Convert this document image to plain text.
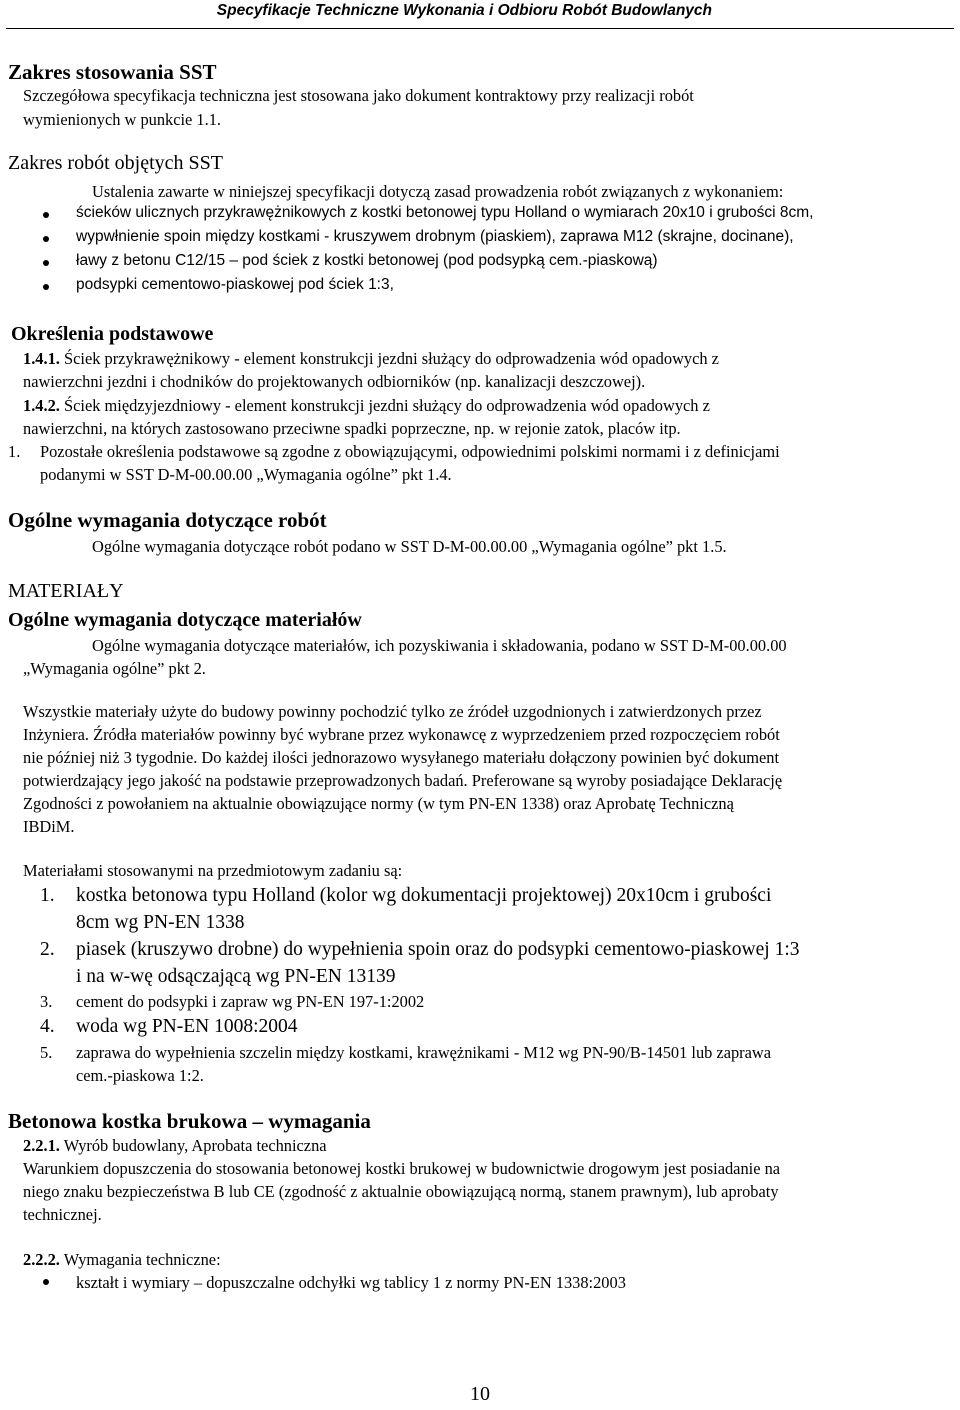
Specyfikacje Techniczne Wykonania i Odbioru Robót Budowlanych
Zakres stosowania SST
Szczegółowa specyfikacja techniczna jest stosowana jako dokument kontraktowy przy realizacji robót
wymienionych w punkcie 1.1.
Zakres robót objętych SST
Ustalenia zawarte w niniejszej specyfikacji dotyczą zasad prowadzenia robót związanych z wykonaniem:
ścieków ulicznych przykrawężnikowych z kostki betonowej typu Holland o wymiarach 20x10 i grubości 8cm,
wypwłnienie spoin między kostkami - kruszywem drobnym (piaskiem), zaprawa M12 (skrajne, docinane),
ławy z betonu C12/15 – pod ściek z kostki betonowej (pod podsypką cem.-piaskową)
podsypki cementowo-piaskowej pod ściek 1:3,
Określenia podstawowe
1.4.1. Ściek przykrawężnikowy - element konstrukcji jezdni służący do odprowadzenia wód opadowych z
nawierzchni jezdni i chodników do projektowanych odbiorników (np. kanalizacji deszczowej).
1.4.2. Ściek międzyjezdniowy - element konstrukcji jezdni służący do odprowadzenia wód opadowych z
nawierzchni, na których zastosowano przeciwne spadki poprzeczne, np. w rejonie zatok, placów itp.
1.	Pozostałe określenia podstawowe są zgodne z obowiązującymi, odpowiednimi polskimi normami i z definicjami
podanymi w SST D-M-00.00.00 „Wymagania ogólne” pkt 1.4.
Ogólne wymagania dotyczące robót
Ogólne wymagania dotyczące robót podano w SST D-M-00.00.00 „Wymagania ogólne” pkt 1.5.
MATERIAŁY
Ogólne wymagania dotyczące materiałów
Ogólne wymagania dotyczące materiałów, ich pozyskiwania i składowania, podano w SST D-M-00.00.00
„Wymagania ogólne” pkt 2.
Wszystkie materiały użyte do budowy powinny pochodzić tylko ze źródeł uzgodnionych i zatwierdzonych przez
Inżyniera. Źródła materiałów powinny być wybrane przez wykonawcę z wyprzedzeniem przed rozpoczęciem robót
nie później niż 3 tygodnie. Do każdej ilości jednorazowo wysyłanego materiału dołączony powinien być dokument
potwierdzający jego jakość na podstawie przeprowadzonych badań. Preferowane są wyroby posiadające Deklarację
Zgodności z powołaniem na aktualnie obowiązujące normy (w tym PN-EN 1338) oraz Aprobatę Techniczną
IBDiM.
Materiałami stosowanymi na przedmiotowym zadaniu są:
1. kostka betonowa typu Holland (kolor wg dokumentacji projektowej) 20x10cm i grubości
8cm wg PN-EN 1338
2. piasek (kruszywo drobne) do wypełnienia spoin oraz do podsypki cementowo-piaskowej 1:3
i na w-wę odsączającą wg PN-EN 13139
3. cement do podsypki i zapraw wg PN-EN 197-1:2002
4. woda wg PN-EN 1008:2004
5. zaprawa do wypełnienia szczelin między kostkami, krawężnikami - M12 wg PN-90/B-14501 lub zaprawa
cem.-piaskowa 1:2.
Betonowa kostka brukowa – wymagania
2.2.1. Wyrób budowlany, Aprobata techniczna
Warunkiem dopuszczenia do stosowania betonowej kostki brukowej w budownictwie drogowym jest posiadanie na
niego znaku bezpieczeństwa B lub CE (zgodność z aktualnie obowiązującą normą, stanem prawnym), lub aprobaty
technicznej.
2.2.2. Wymagania techniczne:
kształt i wymiary – dopuszczalne odchyłki wg tablicy 1 z normy PN-EN 1338:2003
10
